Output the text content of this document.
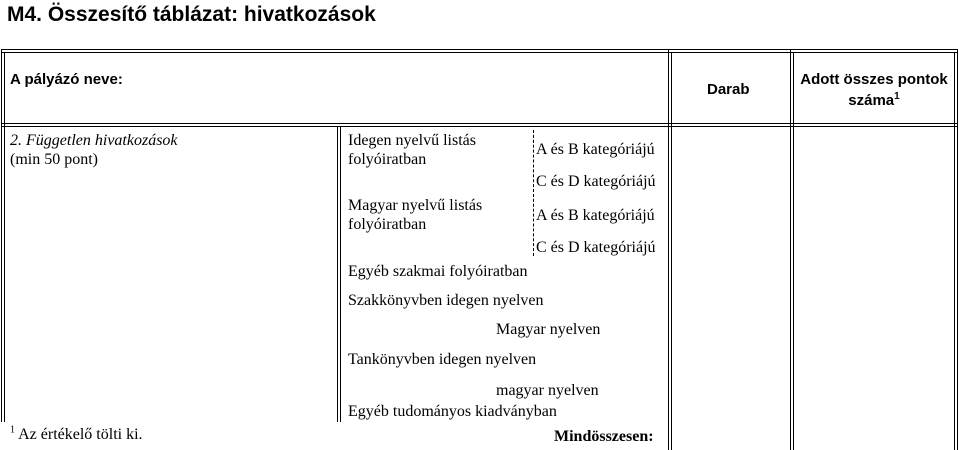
M4. Összesítő táblázat: hivatkozások
A pályázó neve:
Darab
Adott összes pontok
száma$^1$
2. Független hivatkozások
(min 50 pont)
Idegen nyelvű listás
folyóiratban
A és B kategóriájú
C és D kategóriájú
Magyar nyelvű listás
folyóiratban
A és B kategóriájú
C és D kategóriájú
Egyéb szakmai folyóiratban
Szakkönyvben idegen nyelven
Magyar nyelven
Tankönyvben idegen nyelven
magyar nyelven
Egyéb tudományos kiadványban
Mindösszesen:
$^1$ Az értékelő tölti ki.
